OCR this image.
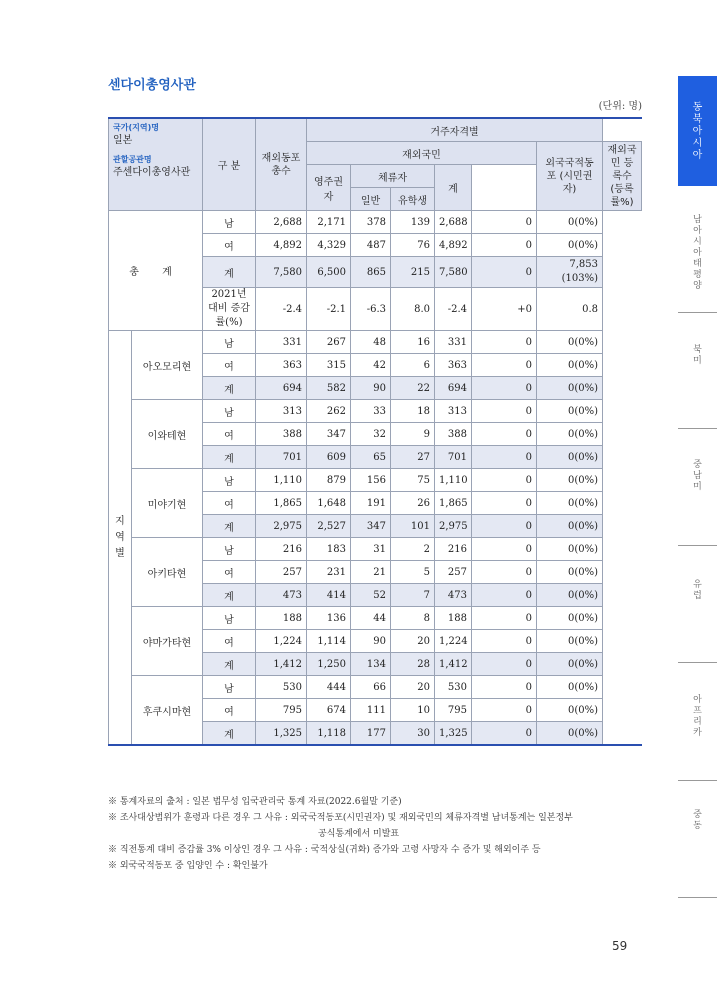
센다이총영사관
(단위: 명)
국가(지역)명
일본
관할공관명
주센다이총영사관		구 분	재외동포 총수	거주자격별						
				재외국민					외국국적동포 (시민권자)	재외국민 등록수 (등록률%)
				영주권자	체류자		계			
					일반	유학생				
총 계		남	2,688	2,171	378	139	2,688	0	0(0%)	
		여	4,892	4,329	487	76	4,892	0	0(0%)	
		계	7,580	6,500	865	215	7,580	0	7,853 (103%)	
		2021년대비 증감률(%)	-2.4	-2.1	-6.3	8.0	-2.4	+0	0.8	
지 역 별	아오모리현	남	331	267	48	16	331	0	0(0%)	
		여	363	315	42	6	363	0	0(0%)	
		계	694	582	90	22	694	0	0(0%)	
	이와테현	남	313	262	33	18	313	0	0(0%)	
		여	388	347	32	9	388	0	0(0%)	
		계	701	609	65	27	701	0	0(0%)	
	미야기현	남	1,110	879	156	75	1,110	0	0(0%)	
		여	1,865	1,648	191	26	1,865	0	0(0%)	
		계	2,975	2,527	347	101	2,975	0	0(0%)	
	아키타현	남	216	183	31	2	216	0	0(0%)	
		여	257	231	21	5	257	0	0(0%)	
		계	473	414	52	7	473	0	0(0%)	
	야마가타현	남	188	136	44	8	188	0	0(0%)	
		여	1,224	1,114	90	20	1,224	0	0(0%)	
		계	1,412	1,250	134	28	1,412	0	0(0%)	
	후쿠시마현	남	530	444	66	20	530	0	0(0%)	
		여	795	674	111	10	795	0	0(0%)	
		계	1,325	1,118	177	30	1,325	0	0(0%)	
※ 통계자료의 출처 : 일본 법무성 입국관리국 통계 자료(2022.6월말 기준)
※ 조사대상범위가 훈령과 다른 경우 그 사유 : 외국국적동포(시민권자) 및 재외국민의 체류자격별 남녀통계는 일본정부
공식통계에서 미발표
※ 직전통계 대비 증감률 3% 이상인 경우 그 사유 : 국적상실(귀화) 증가와 고령 사망자 수 증가 및 해외이주 등
※ 외국국적동포 중 입양인 수 : 확인불가
59
동북아시아
남아시아태평양
북미
중남미
유럽
아프리카
중동
